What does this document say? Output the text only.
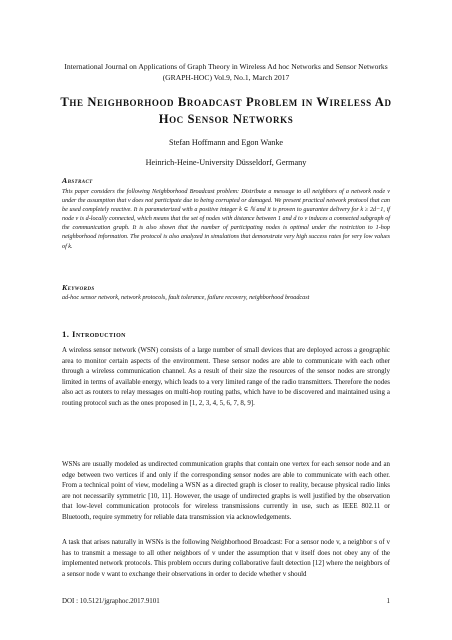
International Journal on Applications of Graph Theory in Wireless Ad hoc Networks and Sensor Networks (GRAPH-HOC) Vol.9, No.1, March 2017
The Neighborhood Broadcast Problem in Wireless Ad Hoc Sensor Networks
Stefan Hoffmann and Egon Wanke
Heinrich-Heine-University Düsseldorf, Germany
Abstract
This paper considers the following Neighborhood Broadcast problem: Distribute a message to all neighbors of a network node v under the assumption that v does not participate due to being corrupted or damaged. We present practical network protocol that can be used completely reactive. It is parameterized with a positive integer k ∈ ℕ and it is proven to guarantee delivery for k ≥ 2d−1, if node v is d-locally connected, which means that the set of nodes with distance between 1 and d to v induces a connected subgraph of the communication graph. It is also shown that the number of participating nodes is optimal under the restriction to 1-hop neighborhood information. The protocol is also analyzed in simulations that demonstrate very high success rates for very low values of k.
Keywords
ad-hoc sensor network, network protocols, fault tolerance, failure recovery, neighborhood broadcast
1. Introduction
A wireless sensor network (WSN) consists of a large number of small devices that are deployed across a geographic area to monitor certain aspects of the environment. These sensor nodes are able to communicate with each other through a wireless communication channel. As a result of their size the resources of the sensor nodes are strongly limited in terms of available energy, which leads to a very limited range of the radio transmitters. Therefore the nodes also act as routers to relay messages on multi-hop routing paths, which have to be discovered and maintained using a routing protocol such as the ones proposed in [1, 2, 3, 4, 5, 6, 7, 8, 9].
WSNs are usually modeled as undirected communication graphs that contain one vertex for each sensor node and an edge between two vertices if and only if the corresponding sensor nodes are able to communicate with each other. From a technical point of view, modeling a WSN as a directed graph is closer to reality, because physical radio links are not necessarily symmetric [10, 11]. However, the usage of undirected graphs is well justified by the observation that low-level communication protocols for wireless transmissions currently in use, such as IEEE 802.11 or Bluetooth, require symmetry for reliable data transmission via acknowledgements.
A task that arises naturally in WSNs is the following Neighborhood Broadcast: For a sensor node v, a neighbor s of v has to transmit a message to all other neighbors of v under the assumption that v itself does not obey any of the implemented network protocols. This problem occurs during collaborative fault detection [12] where the neighbors of a sensor node v want to exchange their observations in order to decide whether v should
DOI : 10.5121/jgraphoc.2017.9101	1
